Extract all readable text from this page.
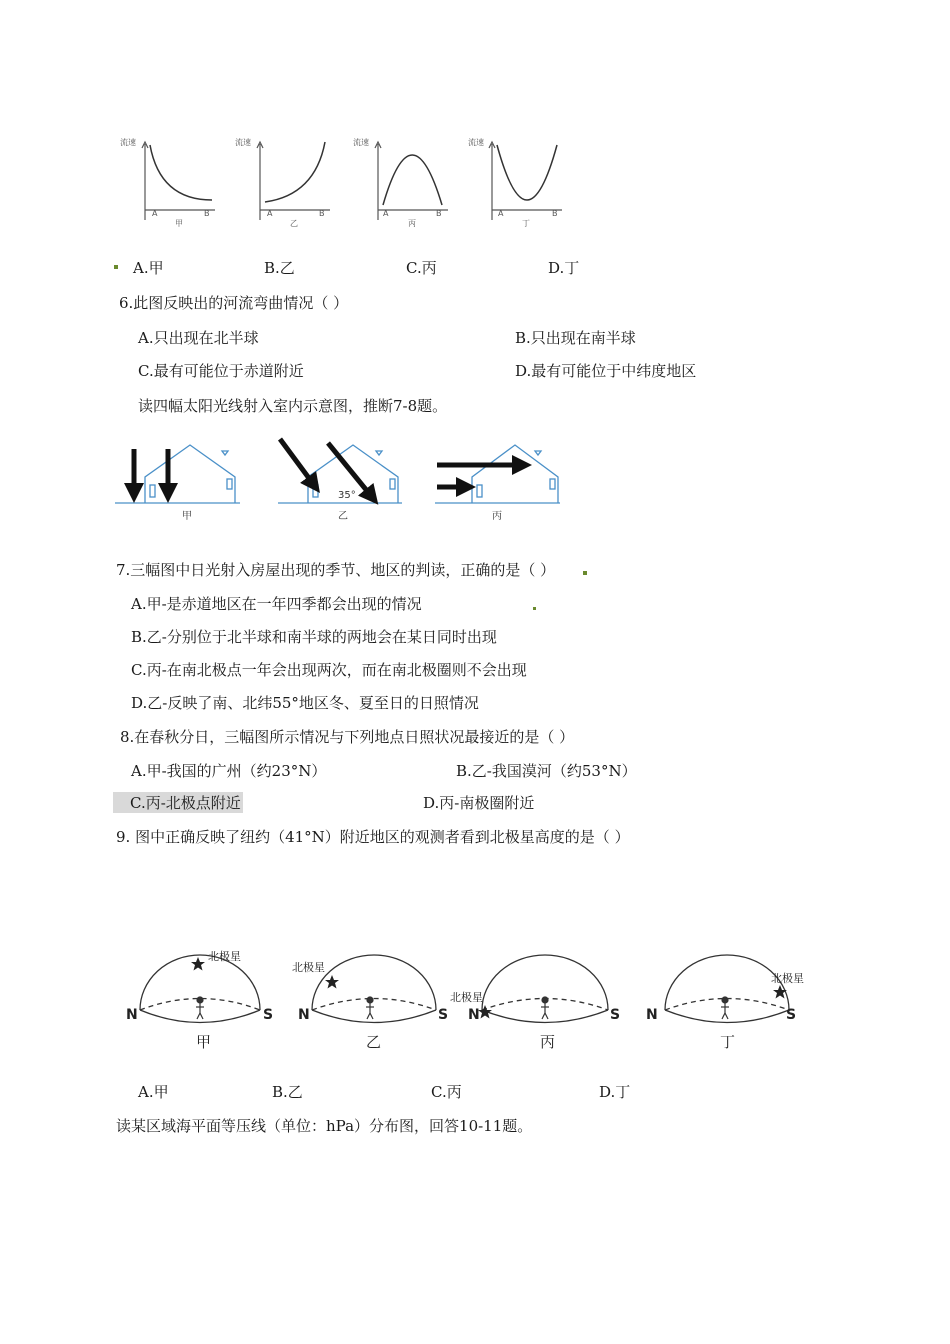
流速	流速	流速	流速
A	B	A	B	A	B	A	B
甲	乙	丙	丁
A.甲	B.乙	C.丙	D.丁
6.此图反映出的河流弯曲情况（ ）
A.只出现在北半球	B.只出现在南半球
C.最有可能位于赤道附近	D.最有可能位于中纬度地区
读四幅太阳光线射入室内示意图，推断7-8题。
35°
甲	乙	丙
7.三幅图中日光射入房屋出现的季节、地区的判读，正确的是（ ）
A.甲-是赤道地区在一年四季都会出现的情况
B.乙-分别位于北半球和南半球的两地会在某日同时出现
C.丙-在南北极点一年会出现两次，而在南北极圈则不会出现
D.乙-反映了南、北纬55°地区冬、夏至日的日照情况
8.在春秋分日，三幅图所示情况与下列地点日照状况最接近的是（ ）
A.甲-我国的广州（约23°N）	B.乙-我国漠河（约53°N）
C.丙-北极点附近	D.丙-南极圈附近
9. 图中正确反映了纽约（41°N）附近地区的观测者看到北极星高度的是（ ）
北极星
北极星
北极星
北极星
N	S N	S N	S N	S
甲	乙	丙	丁
A.甲	B.乙	C.丙	D.丁
读某区域海平面等压线（单位：hPa）分布图，回答10-11题。
